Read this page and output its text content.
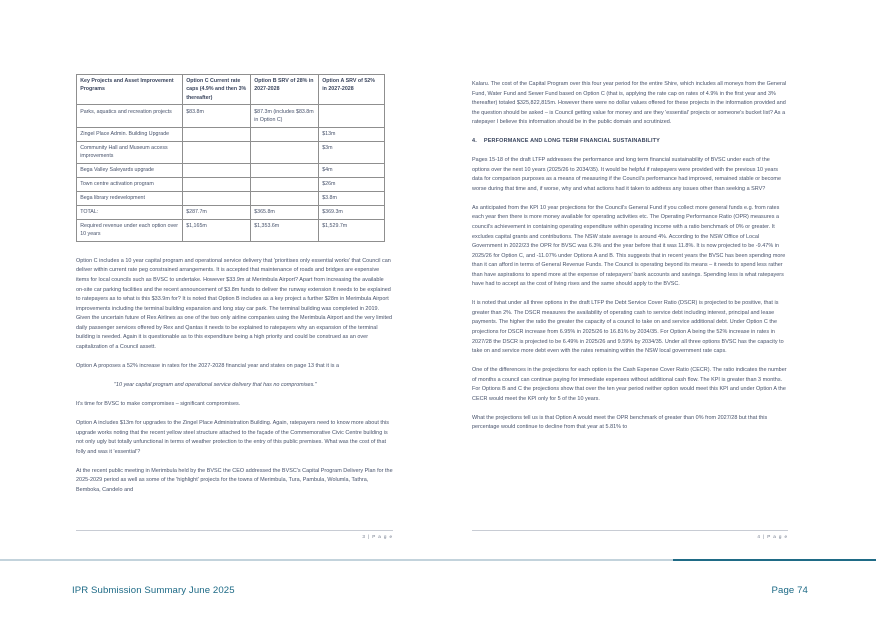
Key Projects and Asset Improvement Programs	Option C Current rate caps (4.9% and then 3% thereafter)	Option B SRV of 28% in 2027-2028	Option A SRV of 52% in 2027-2028
Parks, aquatics and recreation projects	$83.8m	$87.3m (includes $83.8m in Option C)	
Zingel Place Admin. Building Upgrade			$13m
Community Hall and Museum access improvements			$3m
Bega Valley Saleyards upgrade			$4m
Town centre activation program			$26m
Bega library redevelopment			$3.8m
TOTAL:	$287.7m	$365.8m	$369.3m
Required revenue under each option over 10 years	$1,165m	$1,353.6m	$1,529.7m

Option C includes a 10 year capital program and operational service delivery that 'prioritises only essential works' that Council can deliver within current rate peg constrained arrangements. It is accepted that maintenance of roads and bridges are expensive items for local councils such as BVSC to undertake. However $33.9m at Merimbula Airport? Apart from increasing the available on-site car parking facilities and the recent announcement of $3.8m funds to deliver the runway extension it needs to be explained to ratepayers as to what is this $33.9m for? It is noted that Option B includes as a key project a further $28m in Merimbula Airport improvements including the terminal building expansion and long stay car park. The terminal building was completed in 2019. Given the uncertain future of Rex Airlines as one of the two only airline companies using the Merimbula Airport and the very limited daily passenger services offered by Rex and Qantas it needs to be explained to ratepayers why an expansion of the terminal building is needed. Again it is questionable as to this expenditure being a high priority and could be construed as an over capitalization of a Council assett.

Option A proposes a 52% increase in rates for the 2027-2028 financial year and states on page 13 that it is a

"10 year capital program and operational service delivery that has no compromises."

It's time for BVSC to make compromises – significant compromises.

Option A includes $13m for upgrades to the Zingel Place Administration Building. Again, ratepayers need to know more about this upgrade works noting that the recent yellow steel structure attached to the façade of the Commemorative Civic Centre building is not only ugly but totally unfunctional in terms of weather protection to the entry of this public premises. What was the cost of that folly and was it 'essential'?

At the recent public meeting in Merimbula held by the BVSC the CEO addressed the BVSC's Capital Program Delivery Plan for the 2025-2029 period as well as some of the 'highlight' projects for the towns of Merimbula, Tura, Pambula, Wolumla, Tathra, Bemboka, Candelo and

3 | P a g e

Kalaru. The cost of the Capital Program over this four year period for the entire Shire, which includes all moneys from the General Fund, Water Fund and Sewer Fund based on Option C (that is, applying the rate cap on rates of 4.9% in the first year and 3% thereafter) totaled $325,822,815m. However there were no dollar values offered for these projects in the information provided and the question should be asked – is Council getting value for money and are they 'essential' projects or someone's bucket list? As a ratepayer I believe this information should be in the public domain and scrutinized.

4. PERFORMANCE AND LONG TERM FINANCIAL SUSTAINABILITY

Pages 15-18 of the draft LTFP addresses the performance and long term financial sustainability of BVSC under each of the options over the next 10 years (2025/26 to 2034/35). It would be helpful if ratepayers were provided with the previous 10 years data for comparison purposes as a means of measuring if the Council's performance had improved, remained stable or become worse during that time and, if worse, why and what actions had it taken to address any issues other than seeking a SRV?

As anticipated from the KPI 10 year projections for the Council's General Fund if you collect more general funds e.g. from rates each year then there is more money available for operating activities etc. The Operating Performance Ratio (OPR) measures a council's achievement in containing operating expenditure within operating income with a ratio benchmark of 0% or greater. It excludes capital grants and contributions. The NSW state average is around 4%. According to the NSW Office of Local Government in 2022/23 the OPR for BVSC was 6.3% and the year before that it was 11.8%. It is now projected to be -9.47% in 2025/26 for Option C, and -11.07% under Options A and B. This suggests that in recent years the BVSC has been spending more than it can afford in terms of General Revenue Funds. The Council is operating beyond its means – it needs to spend less rather than have aspirations to spend more at the expense of ratepayers' bank accounts and savings. Spending less is what ratepayers have had to accept as the cost of living rises and the same should apply to the BVSC.

It is noted that under all three options in the draft LTFP the Debt Service Cover Ratio (DSCR) is projected to be positive, that is greater than 2%. The DSCR measures the availability of operating cash to service debt including interest, principal and lease payments. The higher the ratio the greater the capacity of a council to take on and service additional debt. Under Option C the projections for DSCR increase from 6.95% in 2025/26 to 16.81% by 2034/35. For Option A being the 52% increase in rates in 2027/28 the DSCR is projected to be 6.49% in 2025/26 and 9.59% by 2034/35. Under all three options BVSC has the capacity to take on and service more debt even with the rates remaining within the NSW local government rate caps.

One of the differences in the projections for each option is the Cash Expense Cover Ratio (CECR). The ratio indicates the number of months a council can continue paying for immediate expenses without additional cash flow. The KPI is greater than 3 months. For Options B and C the projections show that over the ten year period neither option would meet this KPI and under Option A the CECR would meet the KPI only for 5 of the 10 years.

What the projections tell us is that Option A would meet the OPR benchmark of greater than 0% from 2027/28 but that this percentage would continue to decline from that year at 5.81% to

4 | P a g e
IPR Submission Summary June 2025	Page 74
